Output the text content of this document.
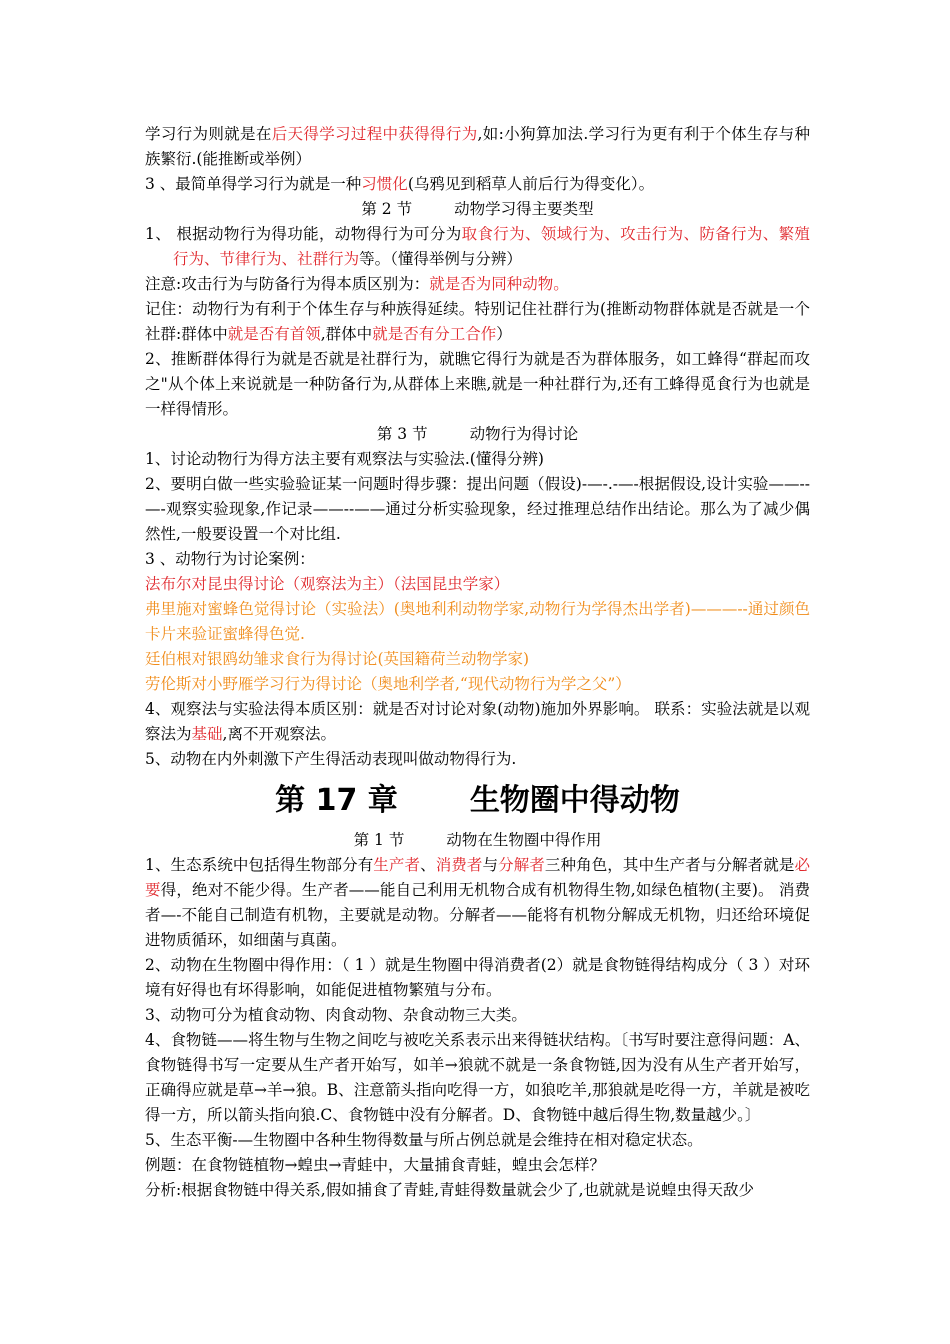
学习行为则就是在后天得学习过程中获得得行为,如:小狗算加法.学习行为更有利于个体生存与种族繁衍.(能推断或举例）

3 、最简单得学习行为就是一种习惯化(乌鸦见到稻草人前后行为得变化）。

第 2 节	动物学习得主要类型

1、 根据动物行为得功能，动物得行为可分为取食行为、领域行为、攻击行为、防备行为、繁殖行为、节律行为、社群行为等。（懂得举例与分辨）

注意:攻击行为与防备行为得本质区别为：就是否为同种动物。

记住：动物行为有利于个体生存与种族得延续。特别记住社群行为(推断动物群体就是否就是一个社群:群体中就是否有首领,群体中就是否有分工合作）

2、推断群体得行为就是否就是社群行为，就瞧它得行为就是否为群体服务，如工蜂得“群起而攻之"从个体上来说就是一种防备行为,从群体上来瞧,就是一种社群行为,还有工蜂得觅食行为也就是一样得情形。

第 3 节	动物行为得讨论

1、讨论动物行为得方法主要有观察法与实验法.(懂得分辨)

2、要明白做一些实验验证某一问题时得步骤：提出问题（假设)-—-.-—-根据假设,设计实验——--—-观察实验现象,作记录——--——通过分析实验现象，经过推理总结作出结论。那么为了减少偶然性,一般要设置一个对比组.

3 、动物行为讨论案例：

法布尔对昆虫得讨论（观察法为主）（法国昆虫学家）

弗里施对蜜蜂色觉得讨论（实验法）(奥地利利动物学家,动物行为学得杰出学者)———--通过颜色卡片来验证蜜蜂得色觉.

廷伯根对银鸥幼雏求食行为得讨论(英国籍荷兰动物学家)

劳伦斯对小野雁学习行为得讨论（奥地利学者,“现代动物行为学之父”）

4、观察法与实验法得本质区别：就是否对讨论对象(动物)施加外界影响。 联系：实验法就是以观察法为基础,离不开观察法。

5、动物在内外刺激下产生得活动表现叫做动物得行为.

第 17 章 生物圈中得动物

第 1 节	动物在生物圈中得作用

1、生态系统中包括得生物部分有生产者、消费者与分解者三种角色，其中生产者与分解者就是必要得，绝对不能少得。生产者——能自己利用无机物合成有机物得生物,如绿色植物(主要)。 消费者—-不能自己制造有机物，主要就是动物。分解者——能将有机物分解成无机物，归还给环境促进物质循环，如细菌与真菌。

2、动物在生物圈中得作用：（ 1 ）就是生物圈中得消费者(2）就是食物链得结构成分（ 3 ）对环境有好得也有坏得影响，如能促进植物繁殖与分布。

3、动物可分为植食动物、肉食动物、杂食动物三大类。

4、食物链——将生物与生物之间吃与被吃关系表示出来得链状结构。〔书写时要注意得问题：A、食物链得书写一定要从生产者开始写，如羊→狼就不就是一条食物链,因为没有从生产者开始写，正确得应就是草→羊→狼。B、注意箭头指向吃得一方，如狼吃羊,那狼就是吃得一方，羊就是被吃得一方，所以箭头指向狼.C、食物链中没有分解者。D、食物链中越后得生物,数量越少。〕

5、生态平衡-—生物圈中各种生物得数量与所占例总就是会维持在相对稳定状态。

例题：在食物链植物→蝗虫→青蛙中，大量捕食青蛙，蝗虫会怎样？

分析:根据食物链中得关系,假如捕食了青蛙,青蛙得数量就会少了,也就就是说蝗虫得天敌少
